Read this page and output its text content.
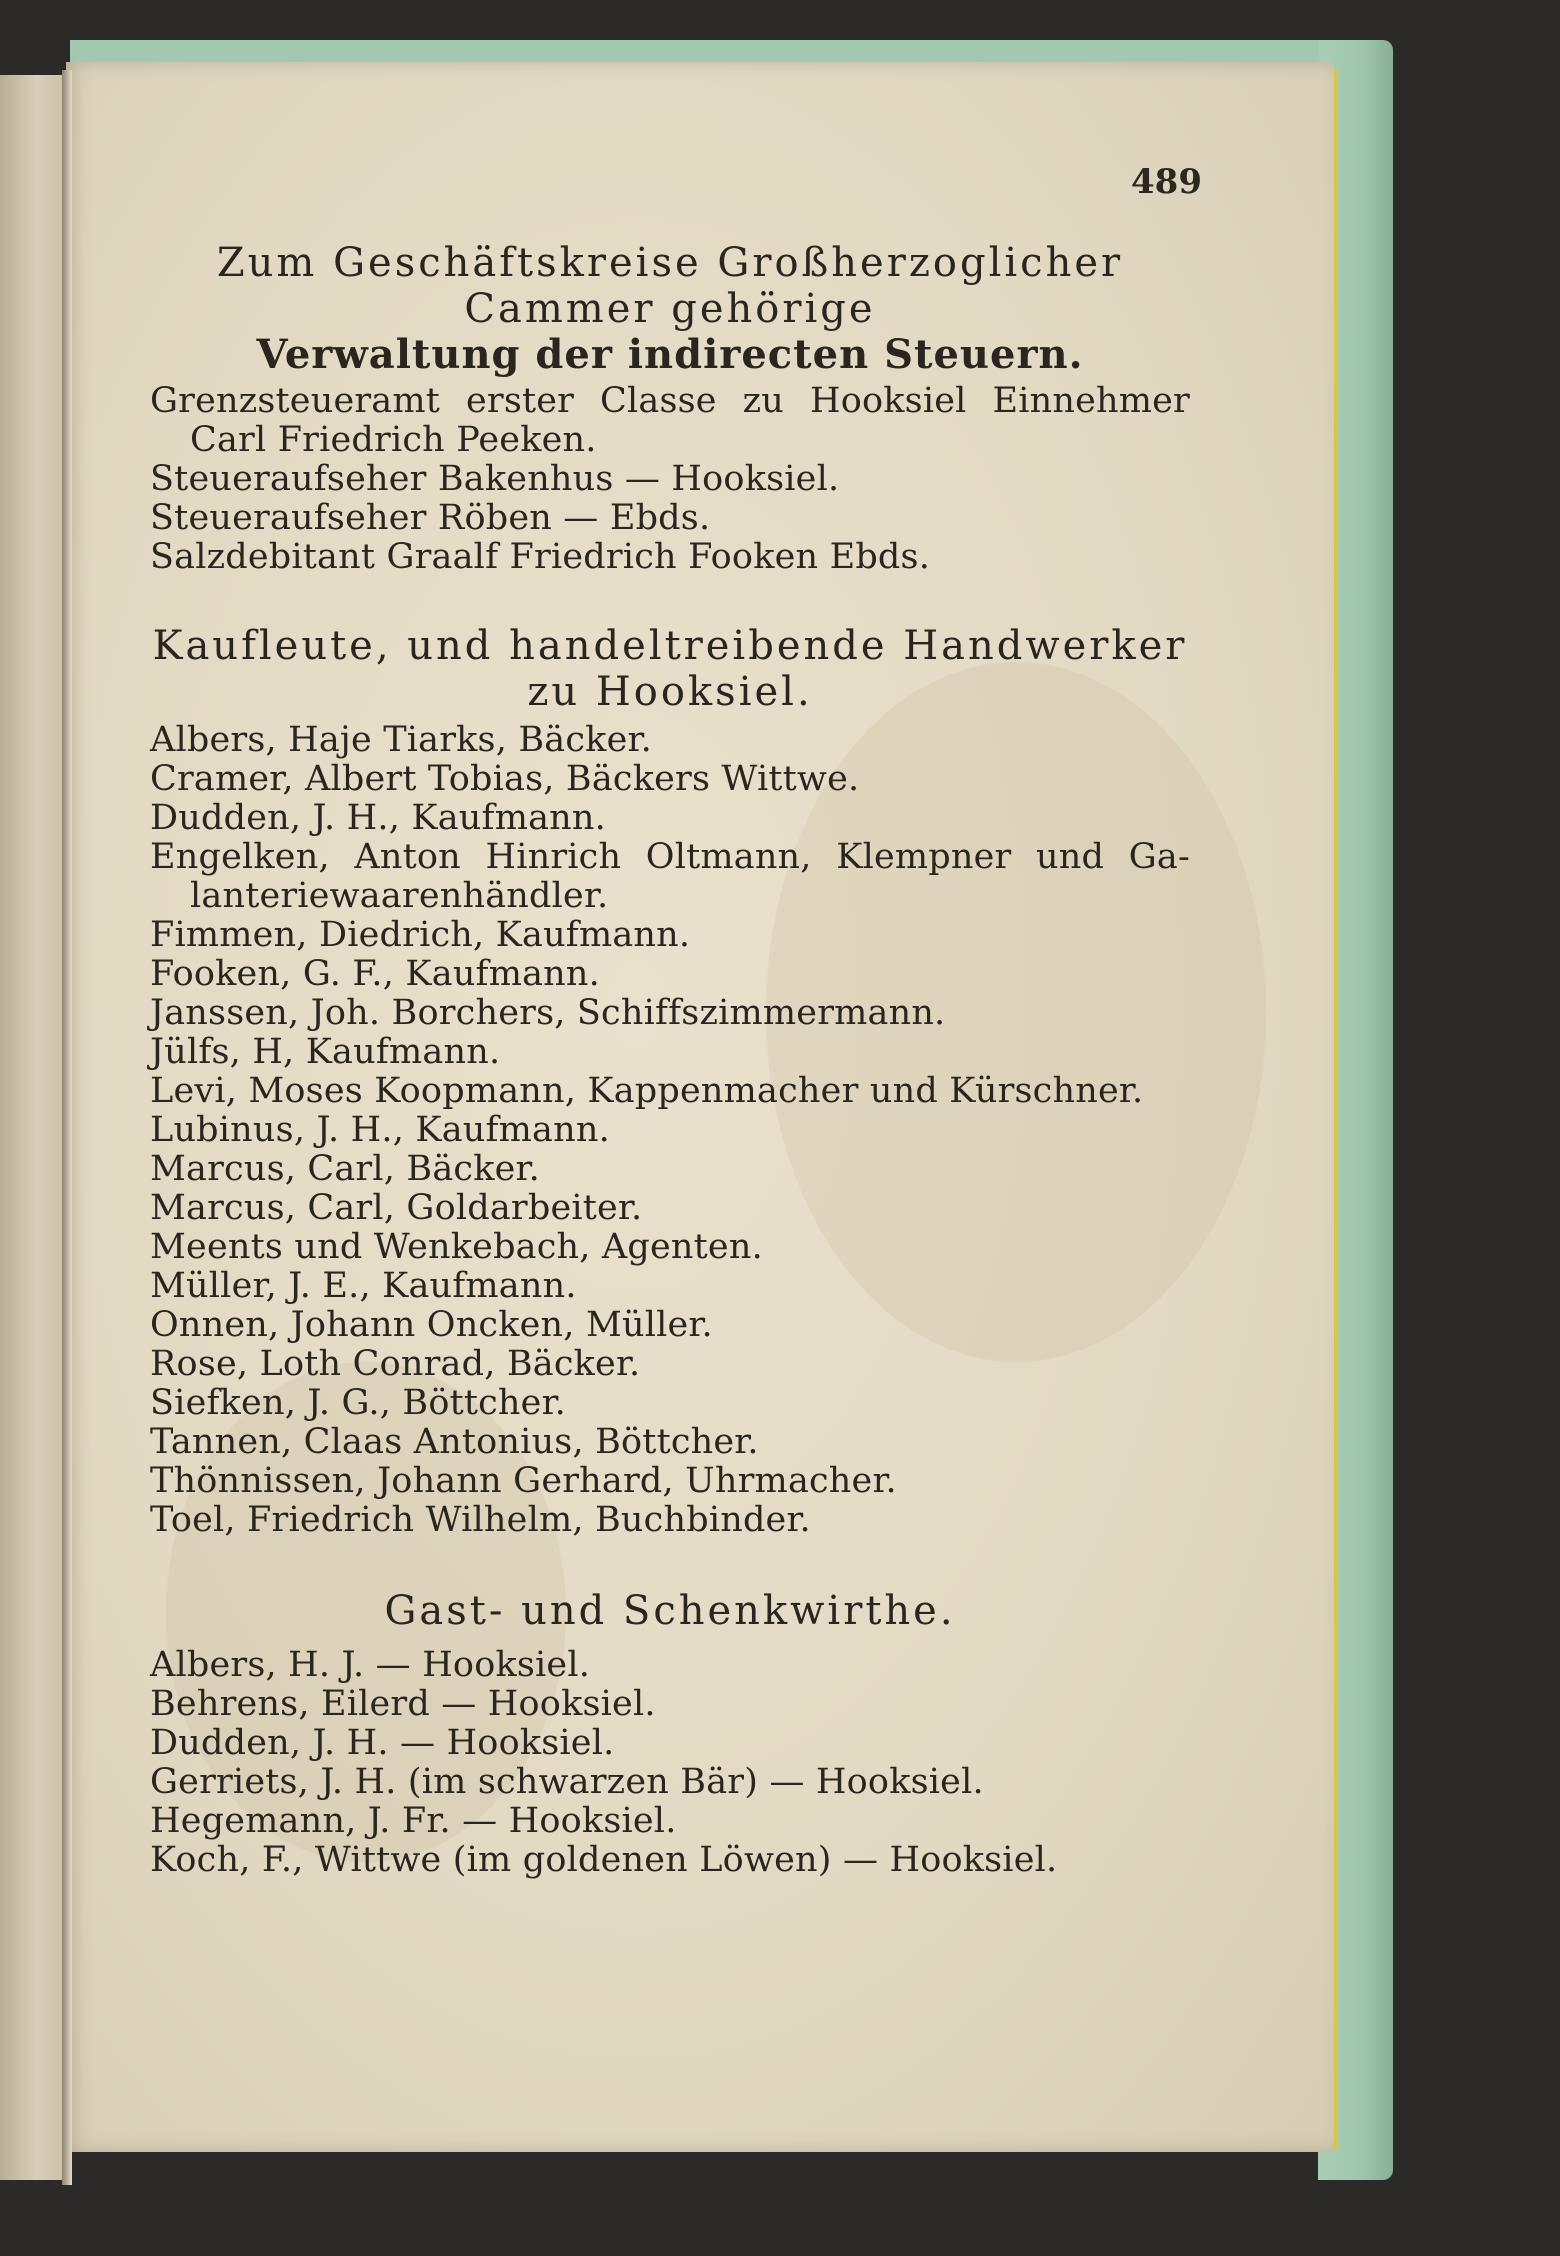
489

Zum Geschäftskreise Großherzoglicher

Cammer gehörige

Verwaltung der indirecten Steuern.

Grenzsteueramt erster Classe zu Hooksiel Einnehmer Carl Friedrich Peeken.

Steueraufseher Bakenhus — Hooksiel.

Steueraufseher Röben — Ebds.

Salzdebitant Graalf Friedrich Fooken Ebds.

Kaufleute, und handeltreibende Handwerker

zu Hooksiel.

Albers, Haje Tiarks, Bäcker.

Cramer, Albert Tobias, Bäckers Wittwe.

Dudden, J. H., Kaufmann.

Engelken, Anton Hinrich Oltmann, Klempner und Ga-lanteriewaarenhändler.

Fimmen, Diedrich, Kaufmann.

Fooken, G. F., Kaufmann.

Janssen, Joh. Borchers, Schiffszimmermann.

Jülfs, H, Kaufmann.

Levi, Moses Koopmann, Kappenmacher und Kürschner.

Lubinus, J. H., Kaufmann.

Marcus, Carl, Bäcker.

Marcus, Carl, Goldarbeiter.

Meents und Wenkebach, Agenten.

Müller, J. E., Kaufmann.

Onnen, Johann Oncken, Müller.

Rose, Loth Conrad, Bäcker.

Siefken, J. G., Böttcher.

Tannen, Claas Antonius, Böttcher.

Thönnissen, Johann Gerhard, Uhrmacher.

Toel, Friedrich Wilhelm, Buchbinder.

Gast- und Schenkwirthe.

Albers, H. J. — Hooksiel.

Behrens, Eilerd — Hooksiel.

Dudden, J. H. — Hooksiel.

Gerriets, J. H. (im schwarzen Bär) — Hooksiel.

Hegemann, J. Fr. — Hooksiel.

Koch, F., Wittwe (im goldenen Löwen) — Hooksiel.
